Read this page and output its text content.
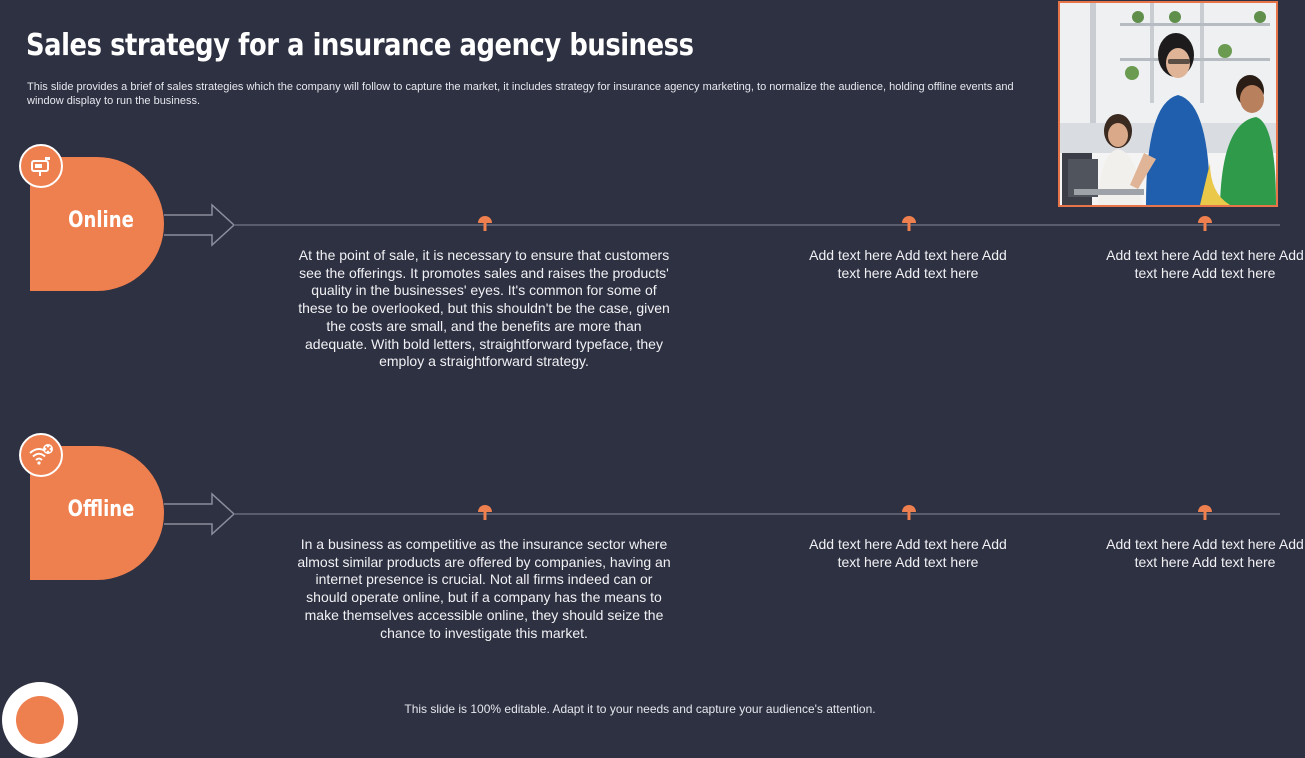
Sales strategy for a insurance agency business
This slide provides a brief of sales strategies which the company will follow to capture the market, it includes strategy for insurance agency marketing, to normalize the audience, holding offline events and window display to run the business.
Online
At the point of sale, it is necessary to ensure that customers see the offerings. It promotes sales and raises the products' quality in the businesses' eyes. It's common for some of these to be overlooked, but this shouldn't be the case, given the costs are small, and the benefits are more than adequate. With bold letters, straightforward typeface, they employ a straightforward strategy.
Add text here Add text here Add text here Add text here
Add text here Add text here Add text here Add text here
Offline
In a business as competitive as the insurance sector where almost similar products are offered by companies, having an internet presence is crucial. Not all firms indeed can or should operate online, but if a company has the means to make themselves accessible online, they should seize the chance to investigate this market.
Add text here Add text here Add text here Add text here
Add text here Add text here Add text here Add text here
This slide is 100% editable. Adapt it to your needs and capture your audience's attention.
